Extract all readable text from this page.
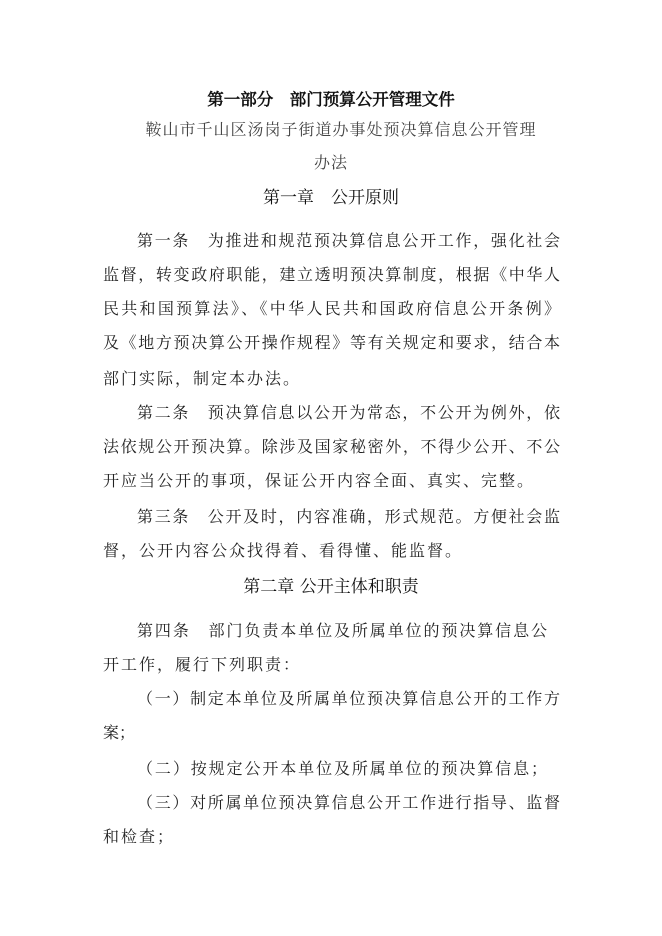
第一部分　部门预算公开管理文件
鞍山市千山区汤岗子街道办事处预决算信息公开管理
办法
第一章　公开原则
第一条　为推进和规范预决算信息公开工作，强化社会
监督，转变政府职能，建立透明预决算制度，根据《中华人
民共和国预算法》、《中华人民共和国政府信息公开条例》
及《地方预决算公开操作规程》等有关规定和要求，结合本
部门实际，制定本办法。
第二条　预决算信息以公开为常态，不公开为例外，依
法依规公开预决算。除涉及国家秘密外，不得少公开、不公
开应当公开的事项，保证公开内容全面、真实、完整。
第三条　公开及时，内容准确，形式规范。方便社会监
督，公开内容公众找得着、看得懂、能监督。
第二章 公开主体和职责
第四条　部门负责本单位及所属单位的预决算信息公
开工作，履行下列职责：
（一）制定本单位及所属单位预决算信息公开的工作方
案；
（二）按规定公开本单位及所属单位的预决算信息；
（三）对所属单位预决算信息公开工作进行指导、监督
和检查；
